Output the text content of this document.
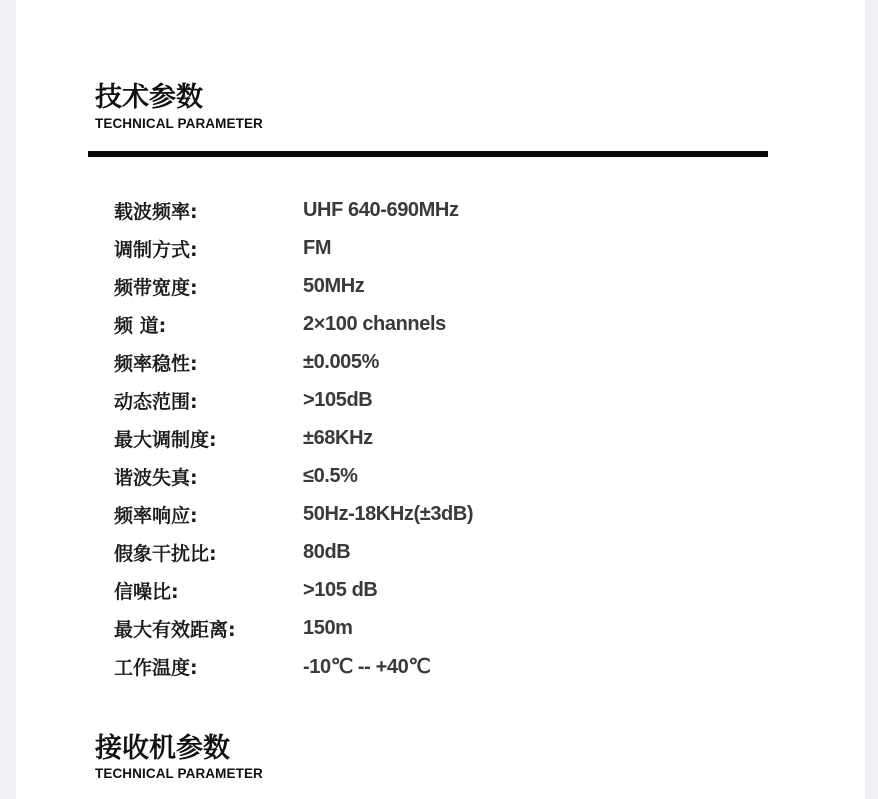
技术参数
TECHNICAL PARAMETER
载波频率:	UHF 640-690MHz
调制方式:	FM
频带宽度:	50MHz
频 道:	2×100 channels
频率稳性:	±0.005%
动态范围:	>105dB
最大调制度:	±68KHz
谐波失真:	≤0.5%
频率响应:	50Hz-18KHz(±3dB)
假象干扰比:	80dB
信噪比:	>105 dB
最大有效距离:	150m
工作温度:	-10℃ -- +40℃
接收机参数
TECHNICAL PARAMETER
